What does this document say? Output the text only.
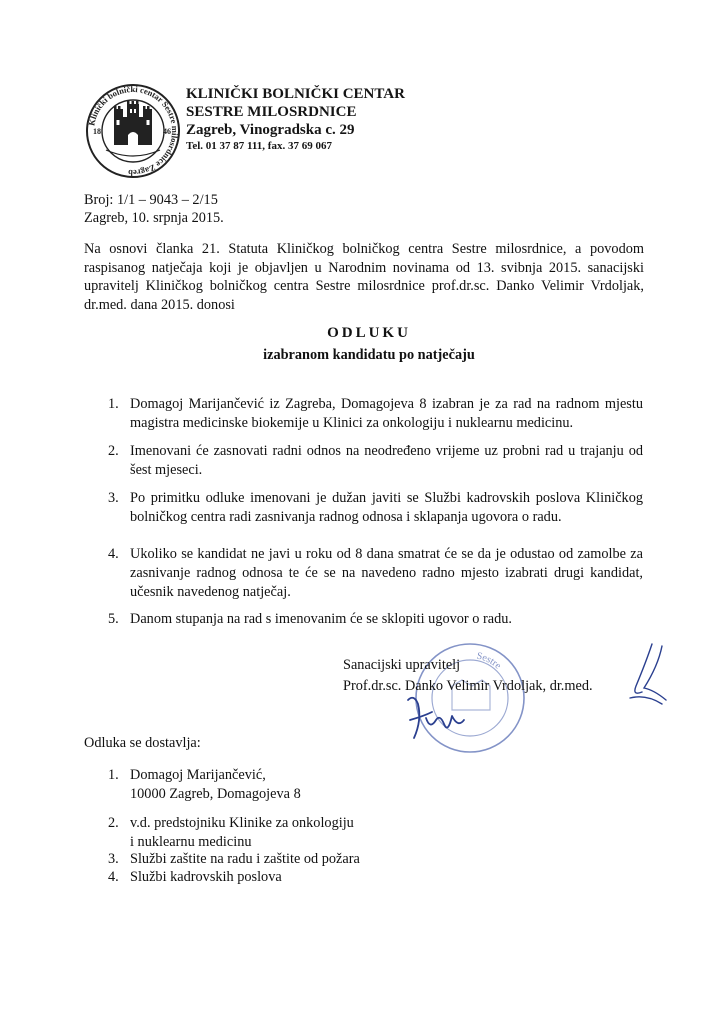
18	46
Klinički bolnički centar Sestre milosrdnice Zagreb
KLINIČKI BOLNIČKI CENTAR
SESTRE MILOSRDNICE
Zagreb, Vinogradska c. 29
Tel. 01 37 87 111, fax. 37 69 067
Broj: 1/1 – 9043 – 2/15
Zagreb, 10. srpnja 2015.
Na osnovi članka 21. Statuta Kliničkog bolničkog centra Sestre milosrdnice, a povodom raspisanog natječaja koji je objavljen u Narodnim novinama od 13. svibnja 2015. sanacijski upravitelj Kliničkog bolničkog centra Sestre milosrdnice prof.dr.sc. Danko Velimir Vrdoljak, dr.med. dana 2015. donosi
ODLUKU
izabranom kandidatu po natječaju
1. Domagoj Marijančević iz Zagreba, Domagojeva 8 izabran je za rad na radnom mjestu magistra medicinske biokemije u Klinici za onkologiju i nuklearnu medicinu.
2. Imenovani će zasnovati radni odnos na neodređeno vrijeme uz probni rad u trajanju od šest mjeseci.
3. Po primitku odluke imenovani je dužan javiti se Službi kadrovskih poslova Kliničkog bolničkog centra radi zasnivanja radnog odnosa i sklapanja ugovora o radu.
4. Ukoliko se kandidat ne javi u roku od 8 dana smatrat će se da je odustao od zamolbe za zasnivanje radnog odnosa te će se na navedeno radno mjesto izabrati drugi kandidat, učesnik navedenog natječaj.
5. Danom stupanja na rad s imenovanim će se sklopiti ugovor o radu.
Sestre
Sanacijski upravitelj
Prof.dr.sc. Danko Velimir Vrdoljak, dr.med.
Odluka se dostavlja:
1. Domagoj Marijančević,
10000 Zagreb, Domagojeva 8
2. v.d. predstojniku Klinike za onkologiju
i nuklearnu medicinu
3. Službi zaštite na radu i zaštite od požara
4. Službi kadrovskih poslova
